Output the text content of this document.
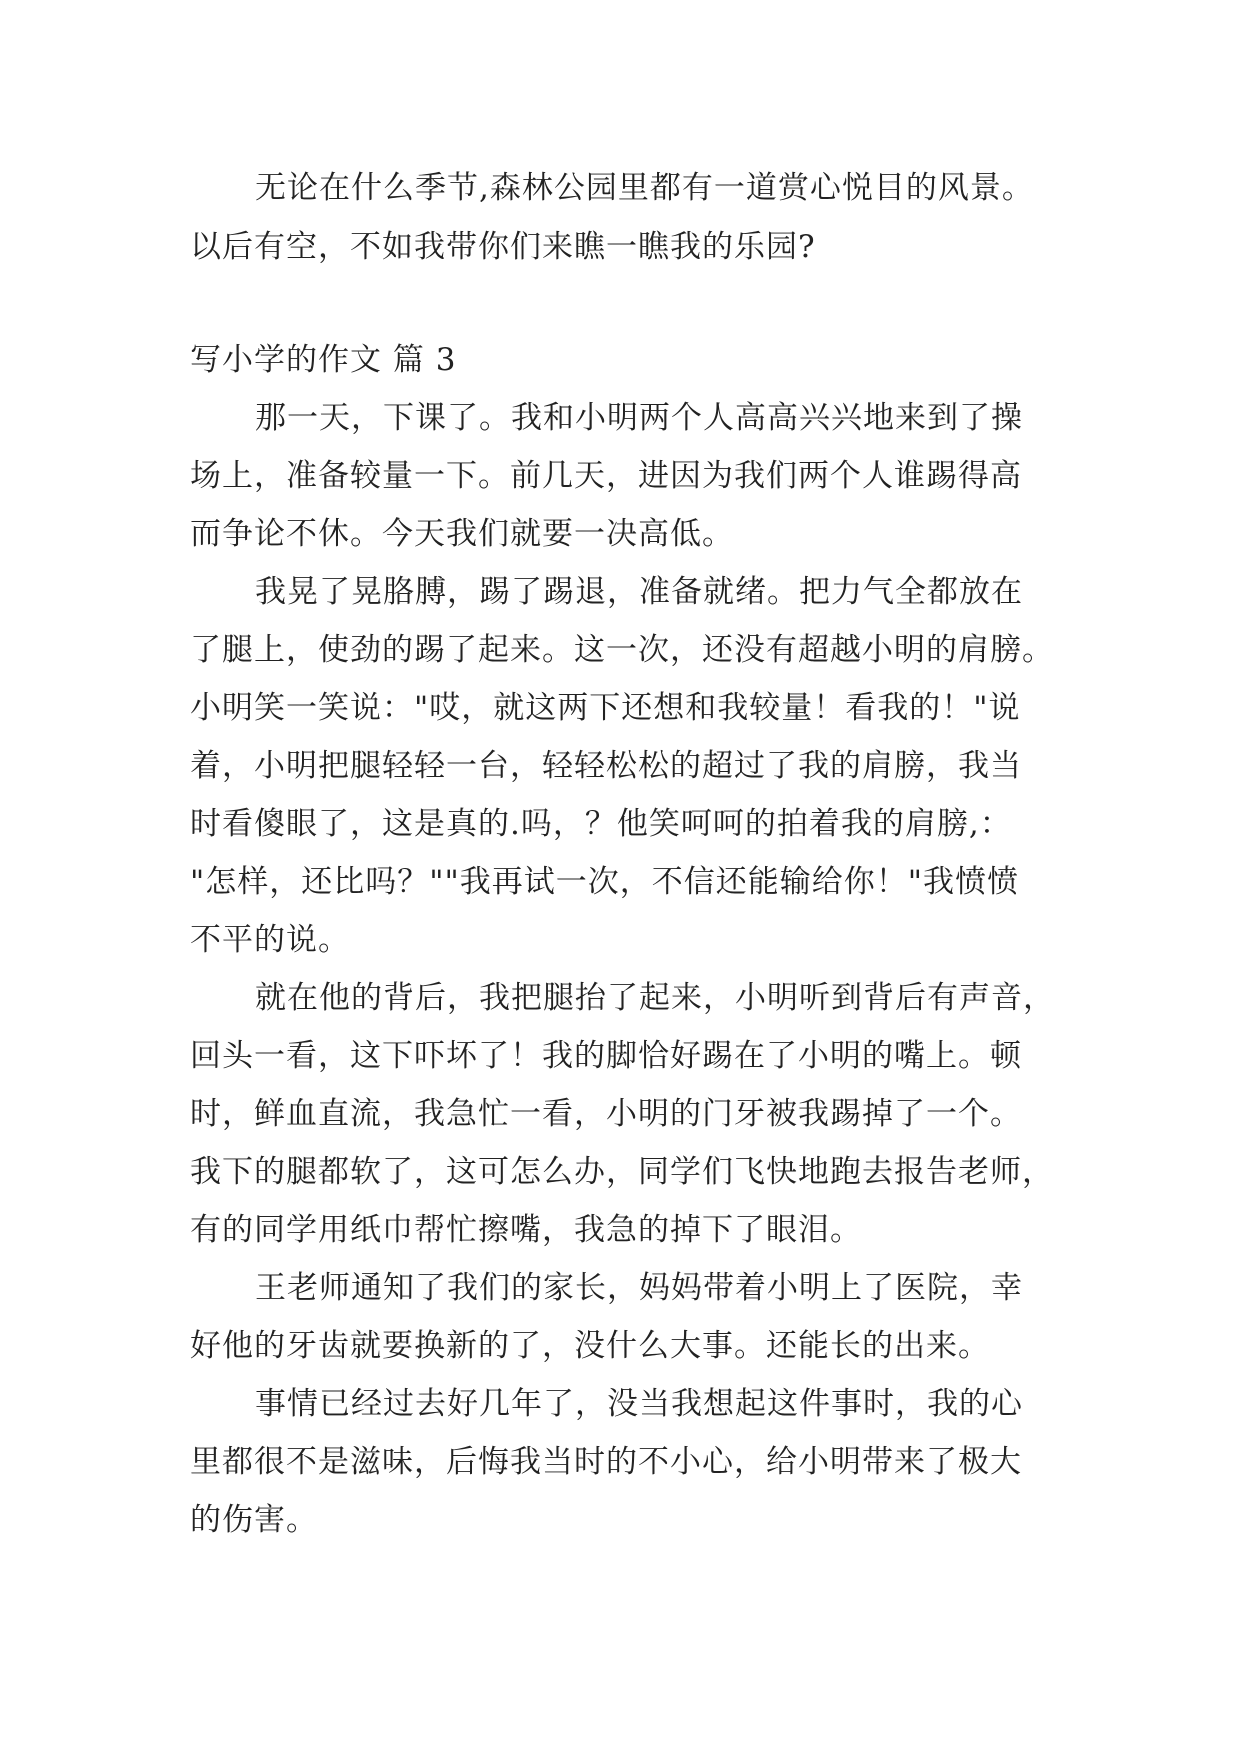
无论在什么季节,森林公园里都有一道赏心悦目的风景。
以后有空，不如我带你们来瞧一瞧我的乐园?
写小学的作文 篇 3
那一天，下课了。我和小明两个人高高兴兴地来到了操
场上，准备较量一下。前几天，进因为我们两个人谁踢得高
而争论不休。今天我们就要一决高低。
我晃了晃胳膊，踢了踢退，准备就绪。把力气全都放在
了腿上，使劲的踢了起来。这一次，还没有超越小明的肩膀。
小明笑一笑说："哎，就这两下还想和我较量！看我的！"说
着，小明把腿轻轻一台，轻轻松松的超过了我的肩膀，我当
时看傻眼了，这是真的.吗，？他笑呵呵的拍着我的肩膀,：
"怎样，还比吗？""我再试一次，不信还能输给你！"我愤愤
不平的说。
就在他的背后，我把腿抬了起来，小明听到背后有声音，
回头一看，这下吓坏了！我的脚恰好踢在了小明的嘴上。顿
时，鲜血直流，我急忙一看，小明的门牙被我踢掉了一个。
我下的腿都软了，这可怎么办，同学们飞快地跑去报告老师，
有的同学用纸巾帮忙擦嘴，我急的掉下了眼泪。
王老师通知了我们的家长，妈妈带着小明上了医院，幸
好他的牙齿就要换新的了，没什么大事。还能长的出来。
事情已经过去好几年了，没当我想起这件事时，我的心
里都很不是滋味，后悔我当时的不小心，给小明带来了极大
的伤害。
